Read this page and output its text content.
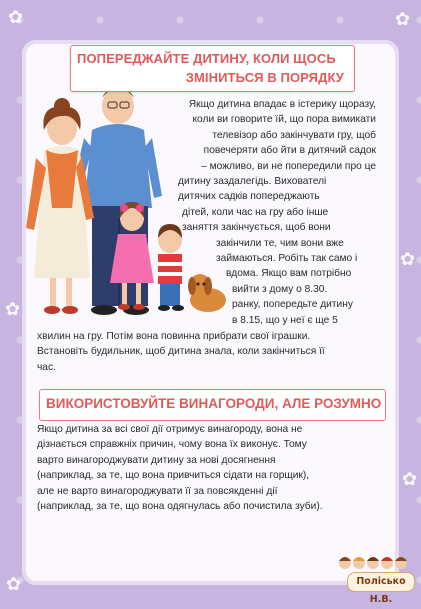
✿	✿
✿
✿
✿
✿
ПОПЕРЕДЖАЙТЕ ДИТИНУ, КОЛИ ЩОСЬ
ЗМІНИТЬСЯ В ПОРЯДКУ
Якщо дитина впадає в істерику щоразу,
коли ви говорите їй, що пора вимикати
телевізор або закінчувати гру, щоб
повечеряти або йти в дитячий садок
– можливо, ви не попередили про це
дитину заздалегідь. Вихователі
дитячих садків попереджають
дітей, коли час на гру або інше
заняття закінчується, щоб вони
закінчили те, чим вони вже
займаються. Робіть так само і
вдома. Якщо вам потрібно
вийти з дому о 8.30.
ранку, попередьте дитину
в 8.15, що у неї є ще 5
хвилин на гру. Потім вона повинна прибрати свої іграшки.
Встановіть будильник, щоб дитина знала, коли закінчиться її
час.
ВИКОРИСТОВУЙТЕ ВИНАГОРОДИ, АЛЕ РОЗУМНО
Якщо дитина за всі свої дії отримує винагороду, вона не
дізнається справжніх причин, чому вона їх виконує. Тому
варто винагороджувати дитину за нові досягнення
(наприклад, за те, що вона привчиться сідати на горщик),
але не варто винагороджувати її за повсякденні дії
(наприклад, за те, що вона одягнулась або почистила зуби).
Полісько Н.В.
